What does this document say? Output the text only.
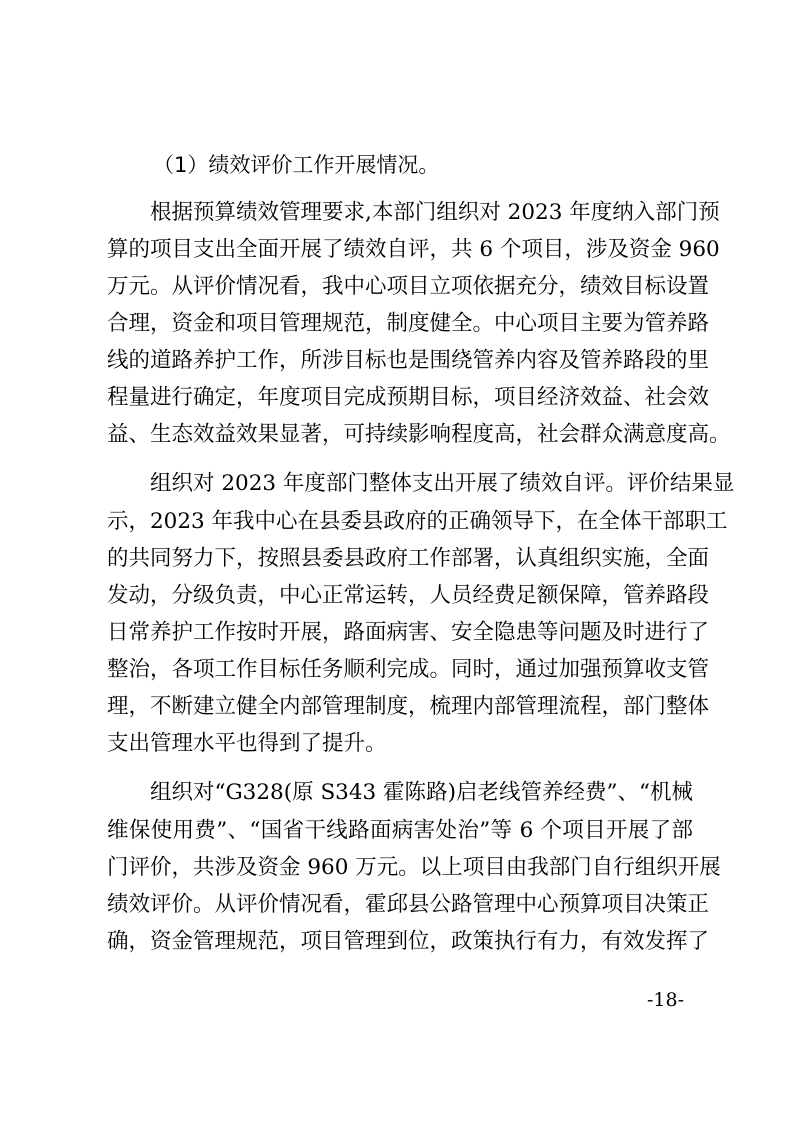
（1）绩效评价工作开展情况。
根据预算绩效管理要求,本部门组织对 2023 年度纳入部门预
算的项目支出全面开展了绩效自评，共 6 个项目，涉及资金 960
万元。从评价情况看，我中心项目立项依据充分，绩效目标设置
合理，资金和项目管理规范，制度健全。中心项目主要为管养路
线的道路养护工作，所涉目标也是围绕管养内容及管养路段的里
程量进行确定，年度项目完成预期目标，项目经济效益、社会效
益、生态效益效果显著，可持续影响程度高，社会群众满意度高。
组织对 2023 年度部门整体支出开展了绩效自评。评价结果显
示，2023 年我中心在县委县政府的正确领导下，在全体干部职工
的共同努力下，按照县委县政府工作部署，认真组织实施，全面
发动，分级负责，中心正常运转，人员经费足额保障，管养路段
日常养护工作按时开展，路面病害、安全隐患等问题及时进行了
整治，各项工作目标任务顺利完成。同时，通过加强预算收支管
理，不断建立健全内部管理制度，梳理内部管理流程，部门整体
支出管理水平也得到了提升。
组织对“G328(原 S343 霍陈路)启老线管养经费”、“机械
维保使用费”、“国省干线路面病害处治”等 6 个项目开展了部
门评价，共涉及资金 960 万元。以上项目由我部门自行组织开展
绩效评价。从评价情况看，霍邱县公路管理中心预算项目决策正
确，资金管理规范，项目管理到位，政策执行有力，有效发挥了
-18-
